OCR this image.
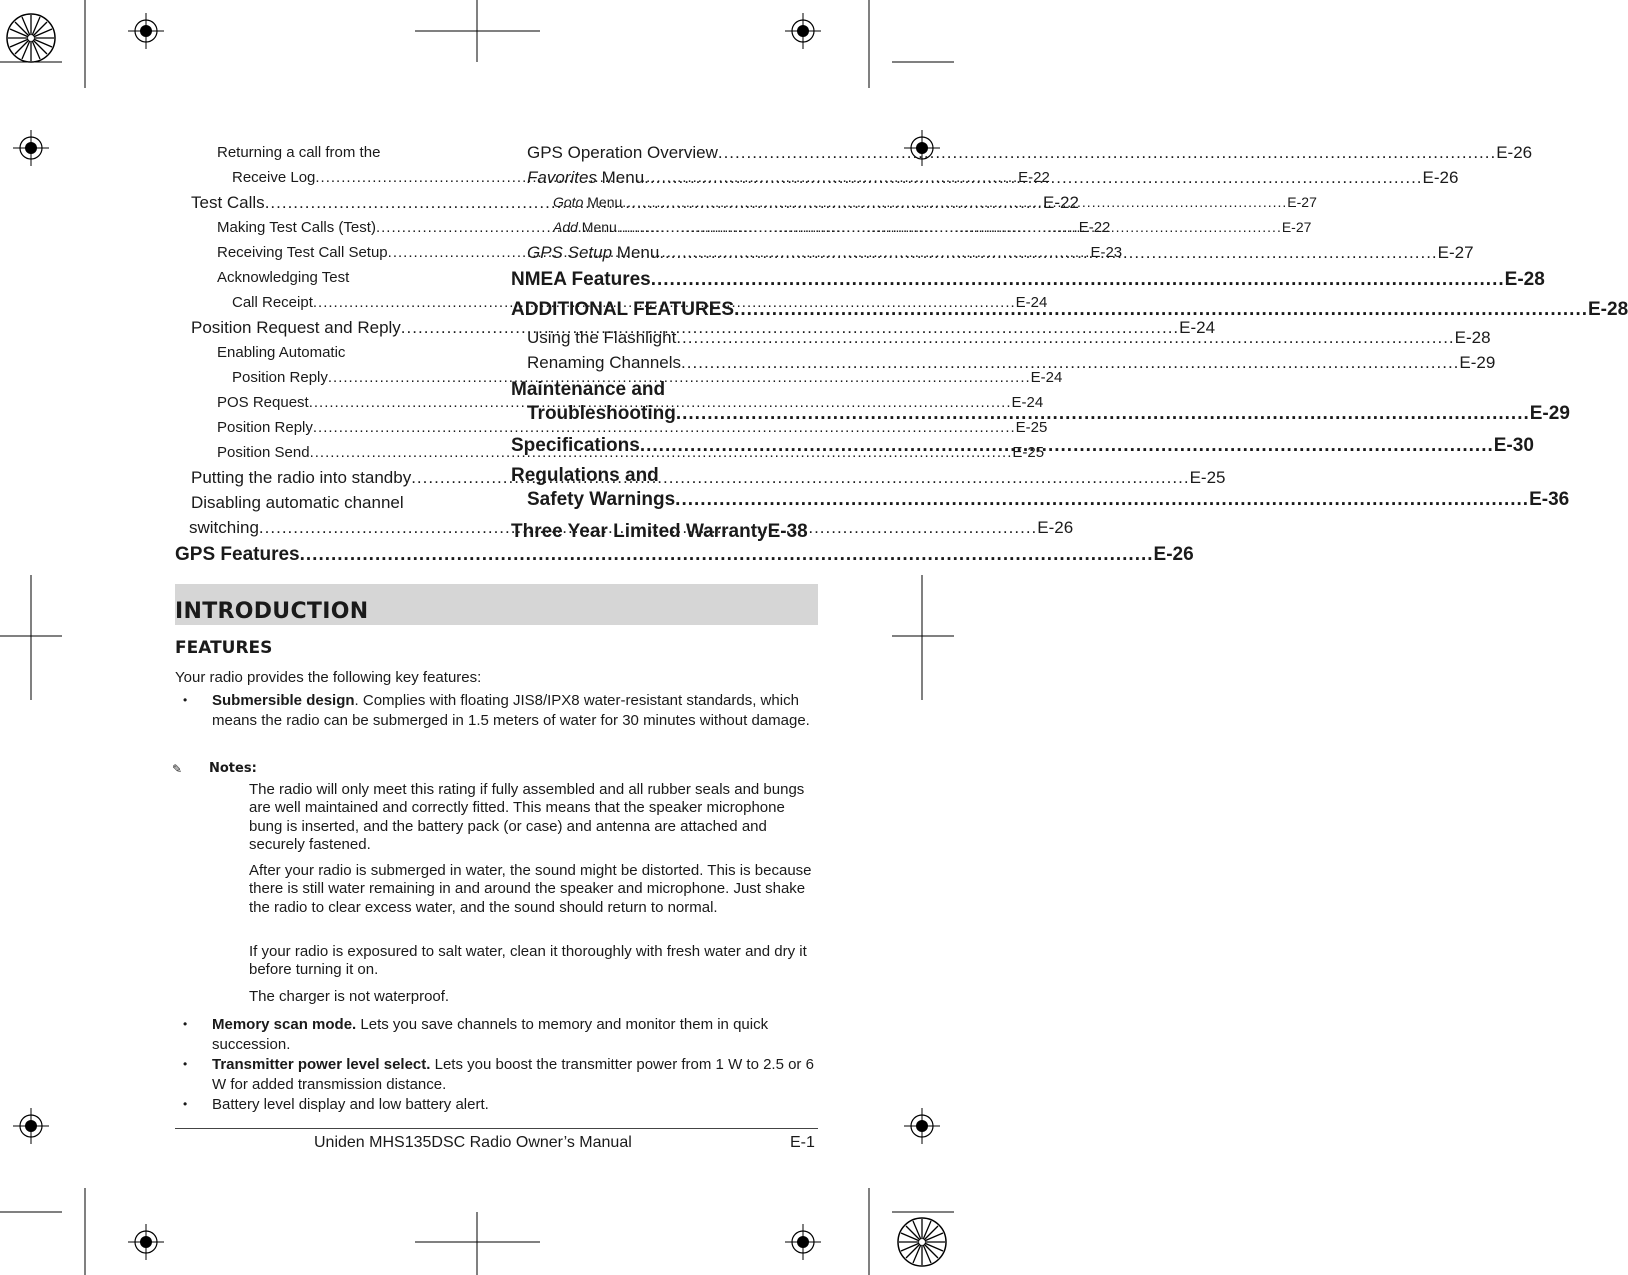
Returning a call from the
Receive Log .....	E-22
Test Calls .....	E-22
Making Test Calls (Test) .....	E-22
Receiving Test Call Setup .....	E-23
Acknowledging Test
Call Receipt .....	E-24
Position Request and Reply .....	E-24
Enabling Automatic
Position Reply .....	E-24
POS Request .....	E-24
Position Reply .....	E-25
Position Send .....	E-25
Putting the radio into standby .....	E-25
Disabling automatic channel
switching .....	E-26
GPS Features .....	E-26
GPS Operation Overview .....	E-26
Favorites Menu .....	E-26
Goto Menu .....	E-27
Add Menu .....	E-27
GPS Setup Menu .....	E-27
NMEA Features .....	E-28
ADDITIONAL FEATURES .....	E-28
Using the Flashlight .....	E-28
Renaming Channels .....	E-29
Maintenance and
Troubleshooting .....	E-29
Specifications .....	E-30
Regulations and
Safety Warnings .....	E-36
Three Year Limited Warranty E-38
INTRODUCTION
FEATURES
Your radio provides the following key features:
• Submersible design. Complies with floating JIS8/IPX8 water-resistant standards, which means the radio can be submerged in 1.5 meters of water for 30 minutes without damage.
✎ Notes:
The radio will only meet this rating if fully assembled and all rubber seals and bungs are well maintained and correctly fitted. This means that the speaker microphone bung is inserted, and the battery pack (or case) and antenna are attached and securely fastened.
After your radio is submerged in water, the sound might be distorted. This is because there is still water remaining in and around the speaker and microphone. Just shake the radio to clear excess water, and the sound should return to normal.
If your radio is exposured to salt water, clean it thoroughly with fresh water and dry it before turning it on.
The charger is not waterproof.
• Memory scan mode. Lets you save channels to memory and monitor them in quick succession.
• Transmitter power level select. Lets you boost the transmitter power from 1 W to 2.5 or 6 W for added transmission distance.
• Battery level display and low battery alert.
Uniden MHS135DSC Radio Owner’s Manual	E-1
